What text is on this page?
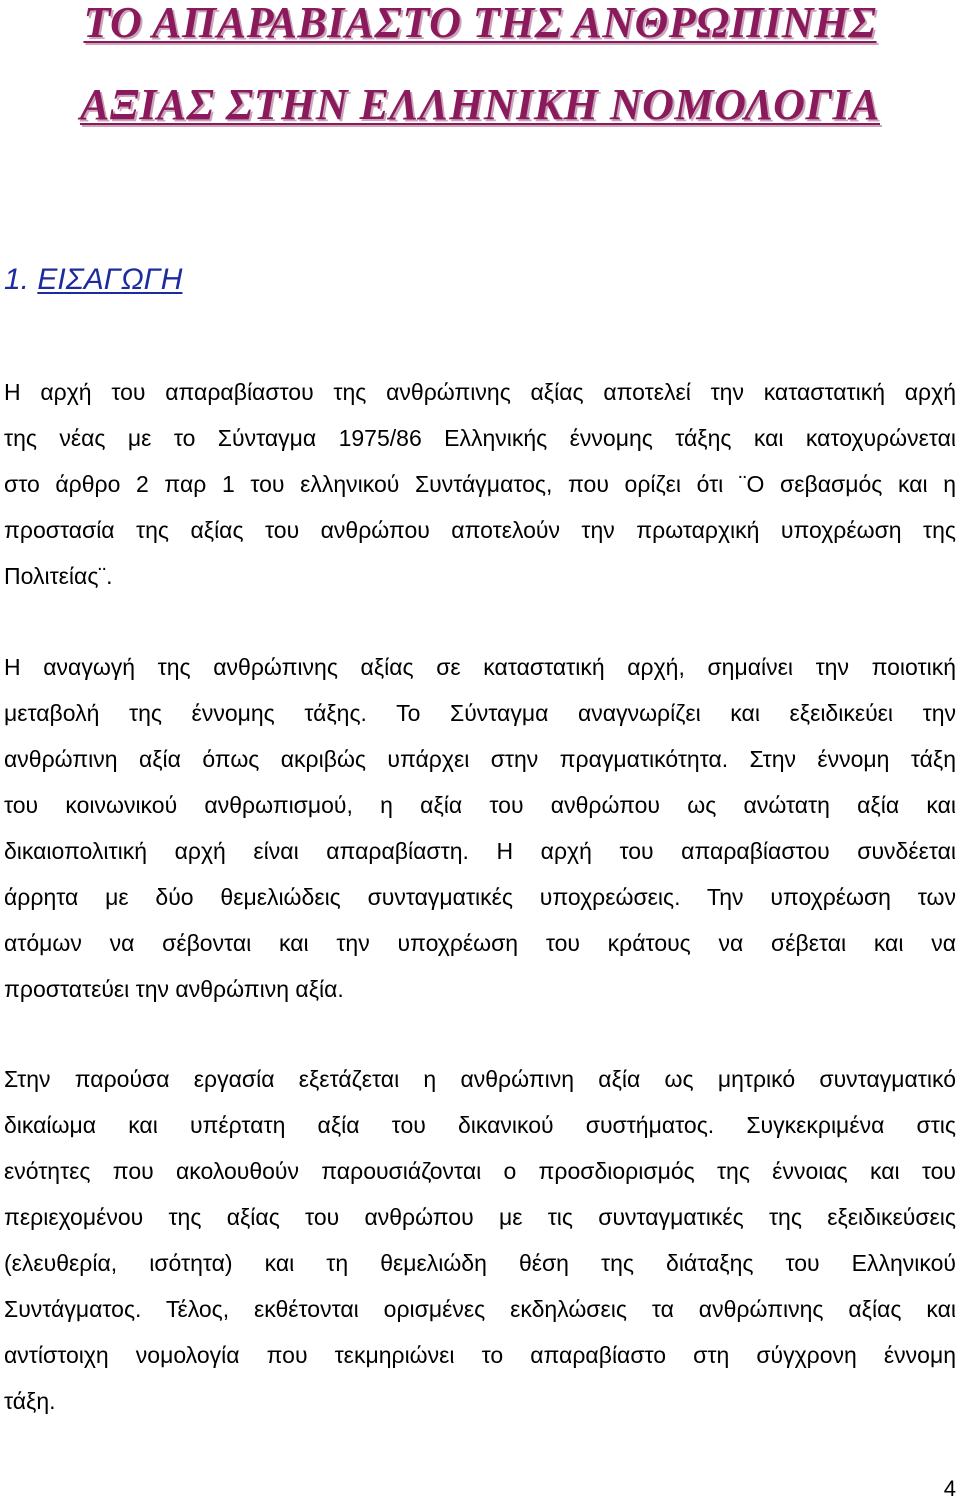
ΤΟ ΑΠΑΡΑΒΙΑΣΤΟ ΤΗΣ ΑΝΘΡΩΠΙΝΗΣ
ΑΞΙΑΣ ΣΤΗΝ ΕΛΛΗΝΙΚΗ ΝΟΜΟΛΟΓΙΑ
1. ΕΙΣΑΓΩΓΗ
Η αρχή του απαραβίαστου της ανθρώπινης αξίας αποτελεί την καταστατική αρχή
της νέας με το Σύνταγμα 1975/86 Ελληνικής έννομης τάξης και κατοχυρώνεται
στο άρθρο 2 παρ 1 του ελληνικού Συντάγματος, που ορίζει ότι ¨Ο σεβασμός και η
προστασία της αξίας του ανθρώπου αποτελούν την πρωταρχική υποχρέωση της
Πολιτείας¨.
Η αναγωγή της ανθρώπινης αξίας σε καταστατική αρχή, σημαίνει την ποιοτική
μεταβολή της έννομης τάξης. Το Σύνταγμα αναγνωρίζει και εξειδικεύει την
ανθρώπινη αξία όπως ακριβώς υπάρχει στην πραγματικότητα. Στην έννομη τάξη
του κοινωνικού ανθρωπισμού, η αξία του ανθρώπου ως ανώτατη αξία και
δικαιοπολιτική αρχή είναι απαραβίαστη. Η αρχή του απαραβίαστου συνδέεται
άρρητα με δύο θεμελιώδεις συνταγματικές υποχρεώσεις. Την υποχρέωση των
ατόμων να σέβονται και την υποχρέωση του κράτους να σέβεται και να
προστατεύει την ανθρώπινη αξία.
Στην παρούσα εργασία εξετάζεται η ανθρώπινη αξία ως μητρικό συνταγματικό
δικαίωμα και υπέρτατη αξία του δικανικού συστήματος. Συγκεκριμένα στις
ενότητες που ακολουθούν παρουσιάζονται ο προσδιορισμός της έννοιας και του
περιεχομένου της αξίας του ανθρώπου με τις συνταγματικές της εξειδικεύσεις
(ελευθερία, ισότητα) και τη θεμελιώδη θέση της διάταξης του Ελληνικού
Συντάγματος. Τέλος, εκθέτονται ορισμένες εκδηλώσεις τα ανθρώπινης αξίας και
αντίστοιχη νομολογία που τεκμηριώνει το απαραβίαστο στη σύγχρονη έννομη
τάξη.
4
